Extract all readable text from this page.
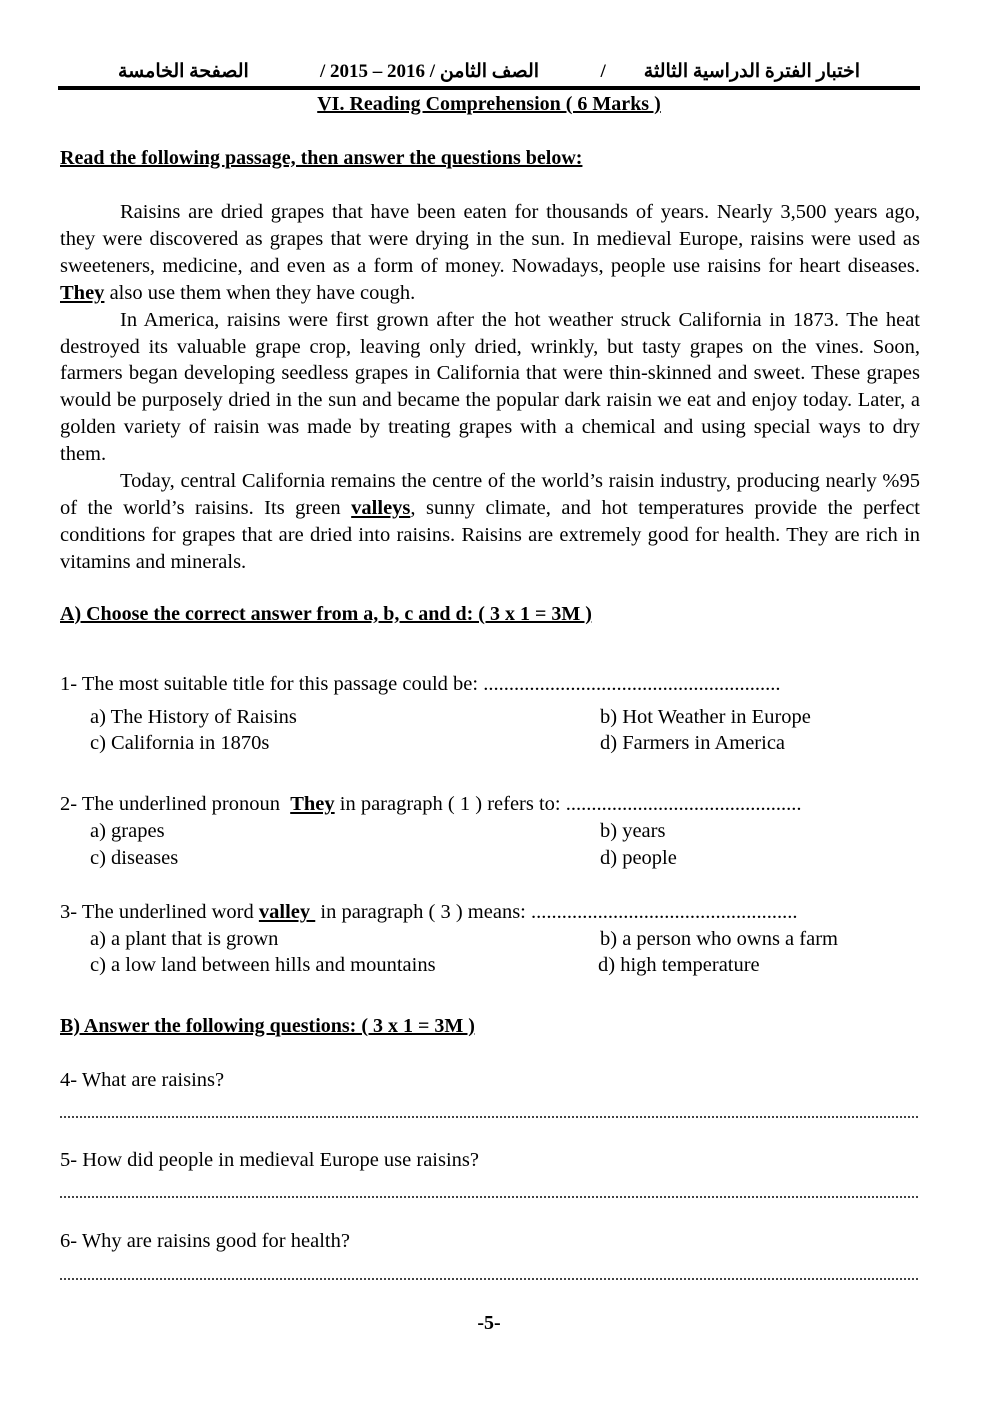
اختبار الفترة الدراسية الثالثة        /
/ 2015 – 2016 / الصف الثامن
الصفحة الخامسة
VI. Reading Comprehension ( 6 Marks )
Read the following passage, then answer the questions below:

Raisins are dried grapes that have been eaten for thousands of years. Nearly 3,500 years ago, they were discovered as grapes that were drying in the sun. In medieval Europe, raisins were used as sweeteners, medicine, and even as a form of money. Nowadays, people use raisins for heart diseases. They also use them when they have cough.

In America, raisins were first grown after the hot weather struck California in 1873. The heat destroyed its valuable grape crop, leaving only dried, wrinkly, but tasty grapes on the vines. Soon, farmers began developing seedless grapes in California that were thin-skinned and sweet. These grapes would be purposely dried in the sun and became the popular dark raisin we eat and enjoy today. Later, a golden variety of raisin was made by treating grapes with a chemical and using special ways to dry them.

Today, central California remains the centre of the world’s raisin industry, producing nearly %95 of the world’s raisins. Its green valleys, sunny climate, and hot temperatures provide the perfect conditions for grapes that are dried into raisins. Raisins are extremely good for health. They are rich in vitamins and minerals.

A) Choose the correct answer from a, b, c and d: ( 3 x 1 = 3M )
1- The most suitable title for this passage could be: ..........................................................
a) The History of Raisins	b) Hot Weather in Europe
c) California in 1870s	d) Farmers in America
2- The underlined pronoun  They in paragraph ( 1 ) refers to: ..............................................
a) grapes	b) years
c) diseases	d) people
3- The underlined word valley  in paragraph ( 3 ) means: ....................................................
a) a plant that is grown	b) a person who owns a farm
c) a low land between hills and mountains	d) high temperature
B) Answer the following questions: ( 3 x 1 = 3M )
4- What are raisins?
5- How did people in medieval Europe use raisins?
6- Why are raisins good for health?
-5-
